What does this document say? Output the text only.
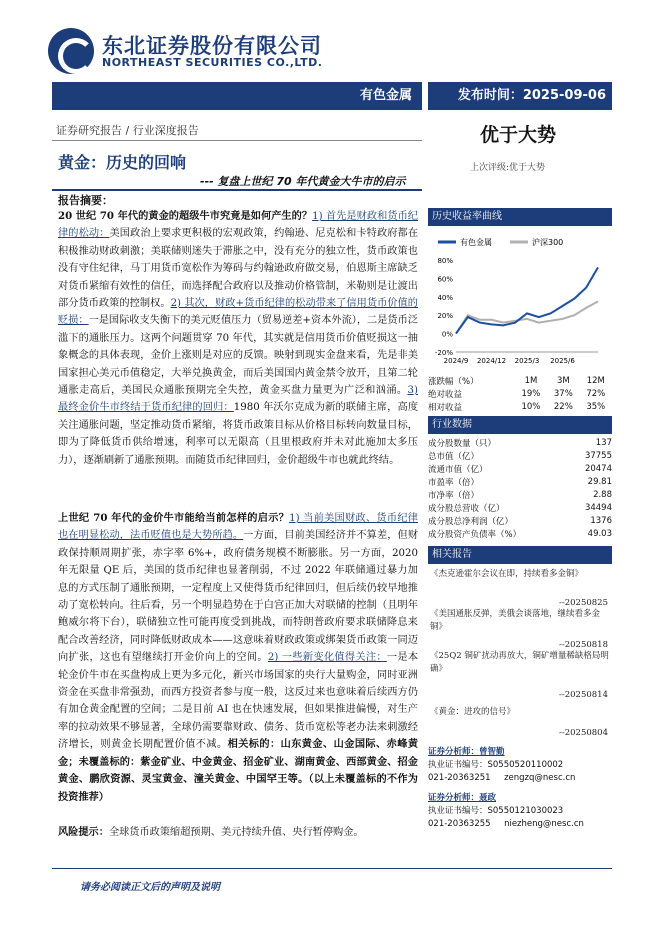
东北证券股份有限公司
NORTHEAST SECURITIES CO.,LTD.
有色金属	发布时间：2025-09-06
证券研究报告 / 行业深度报告	优于大势
上次评级:优于大势
黄金：历史的回响
--- 复盘上世纪 70 年代黄金大牛市的启示
报告摘要：
20 世纪 70 年代的黄金的超级牛市究竟是如何产生的？1) 首先是财政和货币纪律的松动：美国政治上要求更积极的宏观政策，约翰逊、尼克松和卡特政府都在积极推动财政刺激；美联储则迷失于滞胀之中，没有充分的独立性，货币政策也没有守住纪律，马丁用货币宽松作为筹码与约翰逊政府做交易，伯恩斯主席缺乏对货币紧缩有效性的信任，而选择配合政府以及推动价格管制，米勒则是让渡出部分货币政策的控制权。2) 其次，财政+货币纪律的松动带来了信用货币价值的贬损：一是国际收支失衡下的美元贬值压力（贸易逆差+资本外流），二是货币泛滥下的通胀压力。这两个问题贯穿 70 年代，其实就是信用货币价值贬损这一抽象概念的具体表现，金价上涨则是对应的反馈。映射到现实金盘来看，先是非美国家担心美元币值稳定，大举兑换黄金，而后美国国内黄金禁令放开，且第二轮通胀走高后，美国民众通胀预期完全失控，黄金买盘力量更为广泛和汹涌。3) 最终金价牛市终结于货币纪律的回归：1980 年沃尔克成为新的联储主席，高度关注通胀问题，坚定推动货币紧缩，将货币政策目标从价格目标转向数量目标，即为了降低货币供给增速，利率可以无限高（且里根政府并未对此施加太多压力），逐渐刷新了通胀预期。而随货币纪律回归，金价超级牛市也就此终结。
上世纪 70 年代的金价牛市能给当前怎样的启示？1) 当前美国财政、货币纪律也在明显松动，法币贬值也是大势所趋。一方面，目前美国经济并不算差，但财政保持顺周期扩张，赤字率 6%+，政府债务规模不断膨胀。另一方面，2020 年无限量 QE 后，美国的货币纪律也显著削弱，不过 2022 年联储通过暴力加息的方式压制了通胀预期，一定程度上又使得货币纪律回归，但后续仍较早地推动了宽松转向。往后看，另一个明显趋势在于白宫正加大对联储的控制（且明年鲍威尔将下台），联储独立性可能再度受到挑战，而特朗普政府要求联储降息来配合改善经济，同时降低财政成本——这意味着财政政策或绑架货币政策一同迈向扩张，这也有望继续打开金价向上的空间。2) 一些新变化值得关注：一是本轮金价牛市在买盘构成上更为多元化，新兴市场国家的央行大量购金，同时亚洲资金在买盘非常强劲，而西方投资者参与度一般，这反过来也意味着后续西方仍有加仓黄金配置的空间；二是目前 AI 也在快速发展，但如果推进偏慢，对生产率的拉动效果不够显著，全球仍需要靠财政、债务、货币宽松等老办法来刺激经济增长，则黄金长期配置价值不减。相关标的：山东黄金、山金国际、赤峰黄金；未覆盖标的：紫金矿业、中金黄金、招金矿业、湖南黄金、西部黄金、招金黄金、鹏欣资源、灵宝黄金、潼关黄金、中国罕王等。（以上未覆盖标的不作为投资推荐）
风险提示：全球货币政策缩超预期、美元持续升值、央行暂停购金。
请务必阅读正文后的声明及说明
历史收益率曲线
有色金属	沪深300
80%
60%
40%
20%
0%
-20%
2024/9 2024/12 2025/3 2025/6
涨跌幅（%）	1M	3M	12M
绝对收益	19%	37%	72%
相对收益	10%	22%	35%
行业数据
成分股数量（只）	137
总市值（亿）	37755
流通市值（亿）	20474
市盈率（倍）	29.81
市净率（倍）	2.88
成分股总营收（亿）	34494
成分股总净利润（亿）	1376
成分股资产负债率（%）	49.03
相关报告
《杰克逊霍尔会议在即，持续看多金铜》
--20250825
《美国通胀反弹，美俄会谈落地，继续看多金铜》
--20250818
《25Q2 铜矿扰动再放大，铜矿增量稀缺格局明确》
--20250814
《黄金：进攻的信号》
--20250804
证券分析师：曾智勤
执业证书编号：S0550520110002
021-20363251 zengzq@nesc.cn
证券分析师：聂政
执业证书编号：S0550121030023
021-20363255 niezheng@nesc.cn
